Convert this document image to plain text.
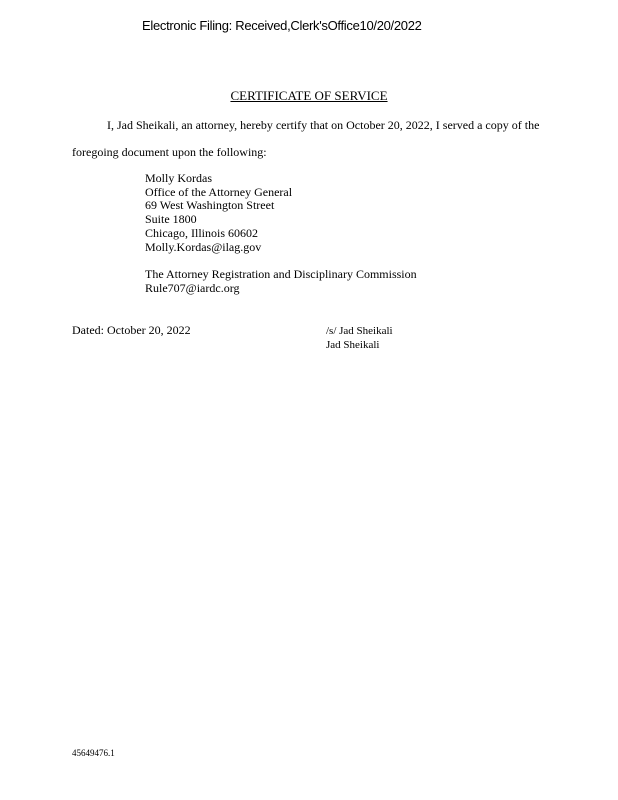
Electronic Filing: Received,Clerk'sOffice10/20/2022
CERTIFICATE OF SERVICE
I, Jad Sheikali, an attorney, hereby certify that on October 20, 2022, I served a copy of the
foregoing document upon the following:
Molly Kordas
Office of the Attorney General
69 West Washington Street
Suite 1800
Chicago, Illinois 60602
Molly.Kordas@ilag.gov
The Attorney Registration and Disciplinary Commission
Rule707@iardc.org
Dated: October 20, 2022	/s/ Jad Sheikali
Jad Sheikali
45649476.1
